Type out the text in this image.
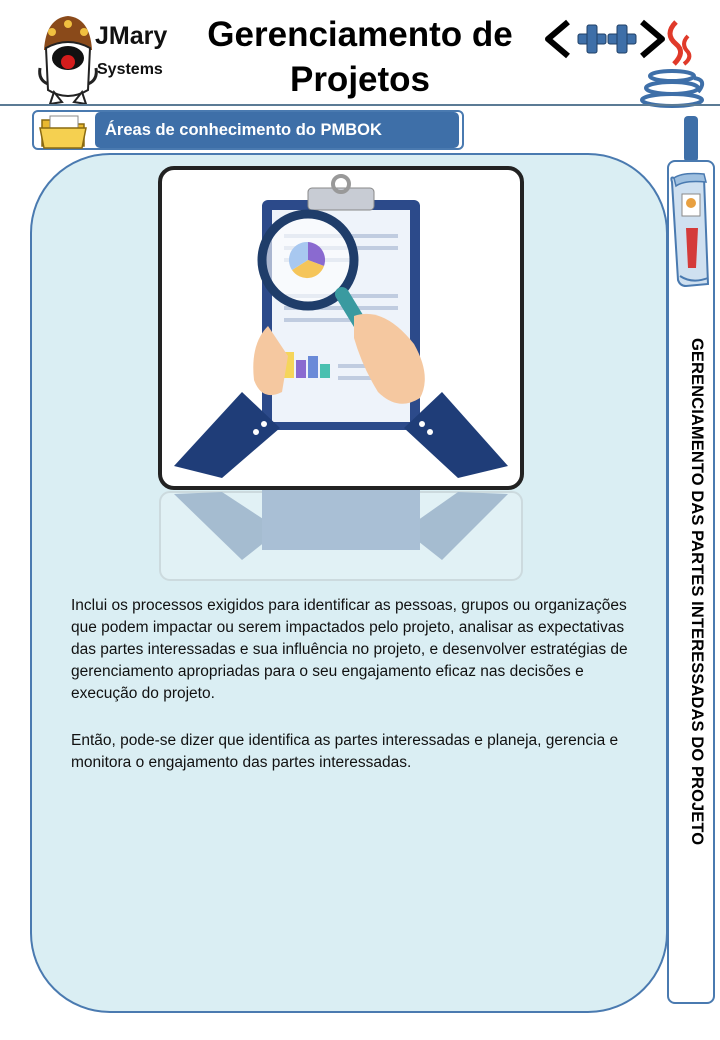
JMary
Systems
Gerenciamento de
Projetos
Áreas de conhecimento do PMBOK
GERENCIAMENTO DAS PARTES INTERESSADAS DO PROJETO

Inclui os processos exigidos para identificar as pessoas, grupos ou organizações que podem impactar ou serem impactados pelo projeto, analisar as expectativas das partes interessadas e sua influência no projeto, e desenvolver estratégias de gerenciamento apropriadas para o seu engajamento eficaz nas decisões e execução do projeto.

Então, pode-se dizer que identifica as partes interessadas e planeja, gerencia e monitora o engajamento das partes interessadas.
